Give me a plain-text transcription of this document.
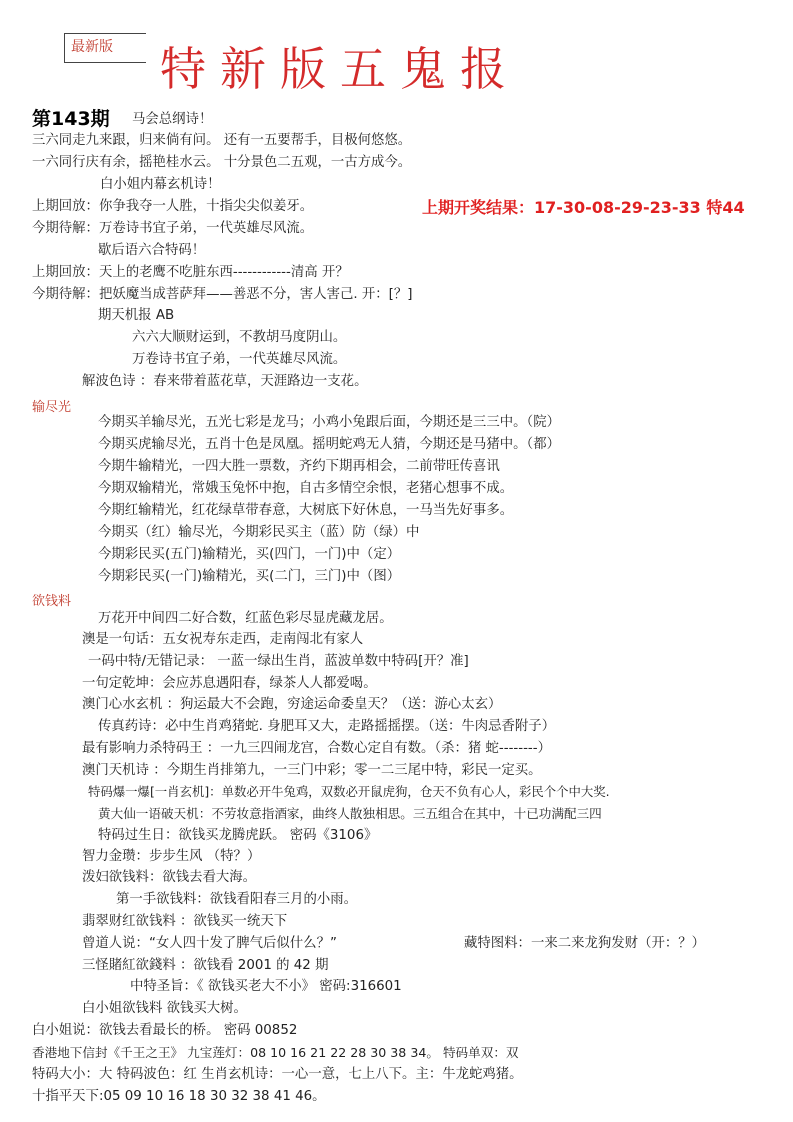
最新版	特新版五鬼报
第143期
上期开奖结果：17-30-08-29-23-33 特44
马会总纲诗！
三六同走九来跟，归来倘有问。 还有一五要帮手，目极何悠悠。
一六同行庆有余，摇艳桂水云。 十分景色二五观，一古方成今。
白小姐内幕玄机诗！
上期回放：你争我夺一人胜，十指尖尖似姜牙。
今期待解：万卷诗书宜子弟，一代英雄尽风流。
歇后语六合特码！
上期回放：天上的老鹰不吃脏东西------------清高 开？
今期待解：把妖魔当成菩萨拜——善恶不分，害人害己. 开：[？]
期天机报 AB
六六大顺财运到，不教胡马度阴山。
万卷诗书宜子弟，一代英雄尽风流。
解波色诗 ：春来带着蓝花草，天涯路边一支花。
输尽光
今期买羊输尽光，五光七彩是龙马；小鸡小兔跟后面，今期还是三三中。（院）
今期买虎输尽光，五肖十色是凤凰。摇明蛇鸡无人猜，今期还是马猪中。（都）
今期牛输精光，一四大胜一票数，齐约下期再相会，二前带旺传喜讯
今期双输精光，常娥玉兔怀中抱，自古多情空余恨，老猪心想事不成。
今期红输精光，红花绿草带春意，大树底下好休息，一马当先好事多。
今期买（红）输尽光，今期彩民买主（蓝）防（绿）中
今期彩民买(五门)输精光，买(四门，一门)中（定）
今期彩民买(一门)输精光，买(二门，三门)中（图）
欲钱料
万花开中间四二好合数，红蓝色彩尽显虎藏龙居。
澳是一句话：五女祝寿东走西，走南闯北有家人
一码中特/无错记录： 一蓝一绿出生肖，蓝波单数中特码[开？准]
一句定乾坤：会应苏息遇阳春，绿茶人人都爱喝。
澳门心水玄机 ：狗运最大不会跑，穷途运命委皇天？（送：游心太玄）
传真药诗：必中生肖鸡猪蛇. 身肥耳又大，走路摇摇摆。（送：牛肉忌香附子）
最有影响力杀特码王 ：一九三四闹龙宫，合数心定自有数。（杀：猪 蛇--------）
澳门天机诗 ：今期生肖排第九，一三门中彩；零一二三尾中特，彩民一定买。
特码爆一爆[一肖玄机]：单数必开牛兔鸡，双数必开鼠虎狗，仓天不负有心人，彩民个个中大奖.
黄大仙一语破天机：不劳妆意指酒家，曲终人散独相思。三五组合在其中，十已功满配三四
特码过生日：欲钱买龙腾虎跃。 密码《3106》
智力金瓒：步步生风 （特？）
泼妇欲钱料：欲钱去看大海。
第一手欲钱料：欲钱看阳春三月的小雨。
翡翠财红欲钱料 ：欲钱买一统天下
曾道人说：“女人四十发了脾气后似什么？”	藏特图料：一来二来龙狗发财（开：？）
三怪賭紅欲錢料 ：欲钱看 2001 的 42 期
中特圣旨：《 欲钱买老大不小》 密码:316601
白小姐欲钱料 欲钱买大树。
白小姐说：欲钱去看最长的桥。 密码 00852
香港地下信封《千王之王》 九宝莲灯：08 10 16 21 22 28 30 38 34。 特码单双：双
特码大小：大 特码波色：红 生肖玄机诗：一心一意，七上八下。主：牛龙蛇鸡猪。
十指平天下:05 09 10 16 18 30 32 38 41 46。
